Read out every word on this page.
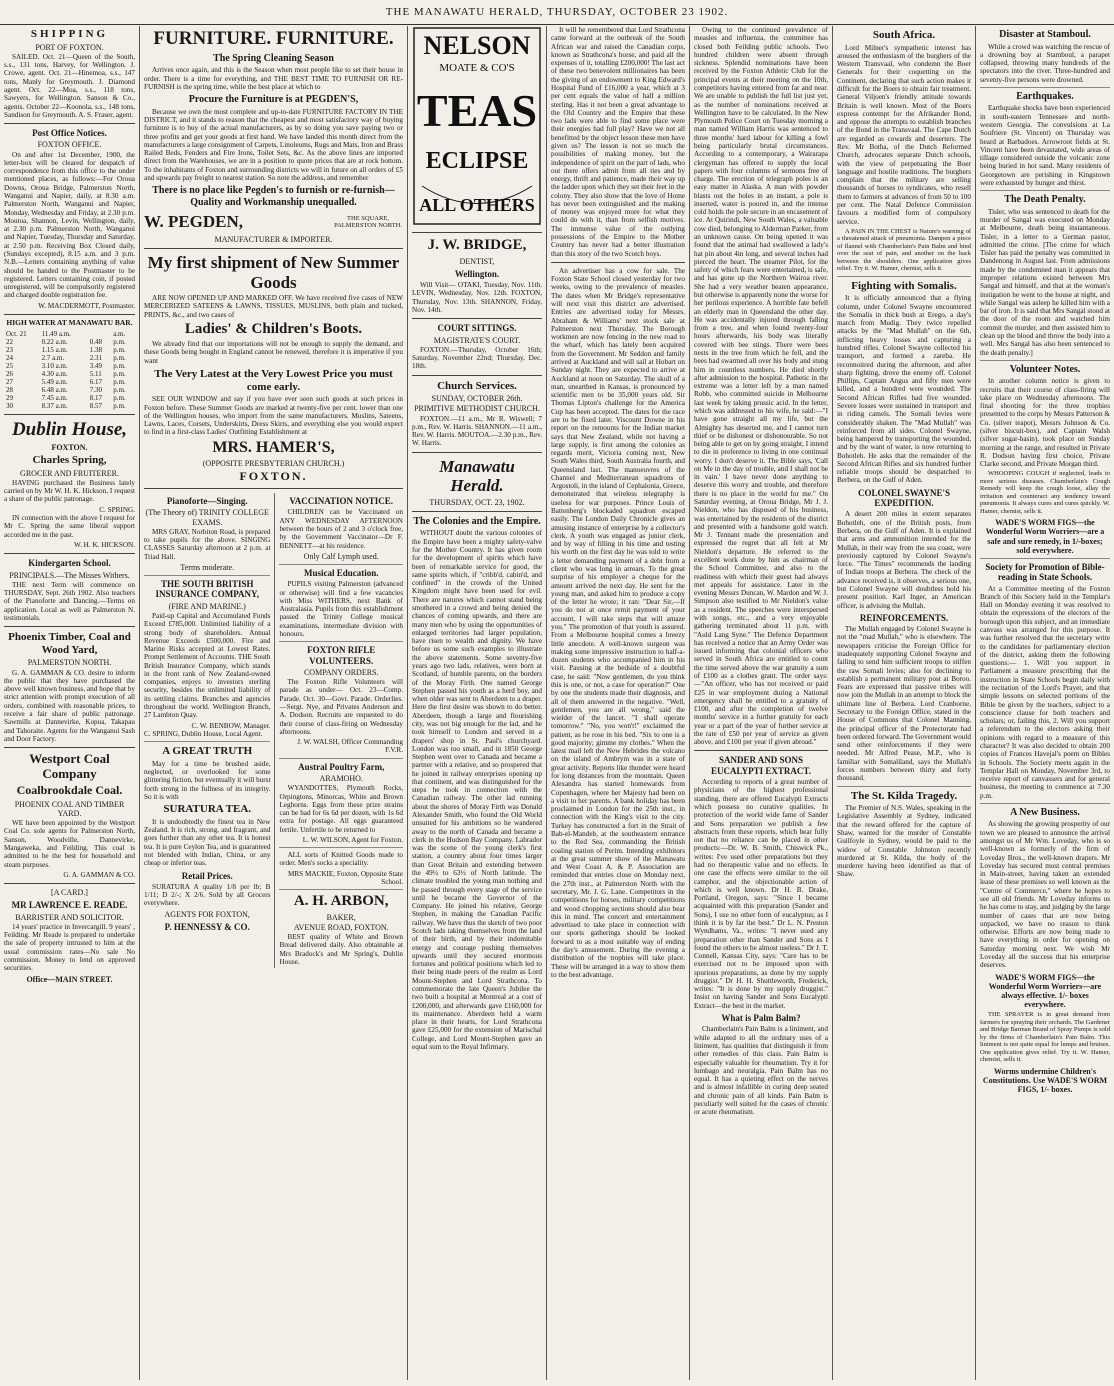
THE MANAWATU HERALD, THURSDAY, OCTOBER 23 1902.
SHIPPING
PORT OF FOXTON.
SAILED. Oct. 21—Queen of the South, s.s., 131 tons, Harvey, for Wellington. J. Crowe, agent. Oct. 21—Hinemoa, s.s., 147 tons, Manly for Greymouth. J. Diamond agent. Oct. 22—Moa, s.s., 118 tons, Sawyers, for Wellington. Sanson & Co., agents. October 22—Koonola, s.s., 148 tons, Sandison for Greymouth. A. S. Fraser, agent.
Post Office Notices.
FOXTON OFFICE.
On and after 1st December, 1900, the letter-box will be cleared for despatch of correspondence from this office to the under mentioned places, as follows:—For Oroua Downs, Oroua Bridge, Palmerston North, Wanganui and Napier, daily, at 8.30 a.m. Palmerston North, Wanganui and Napier, Monday, Wednesday and Friday, at 2.30 p.m. Moutoa, Shannon, Levin, Wellington, daily, at 2.30 p.m. Palmerston North, Wanganui and Napier, Tuesday, Thursday and Saturday, at 2.50 p.m. Receiving Box Closed daily, (Sundays excepted), 8.15 a.m. and 3 p.m. N.B.—Letters containing anything of value should be handed to the Postmaster to be registered. Letters containing coin, if posted unregistered, will be compulsorily registered and charged double registration fee.
W. MACDERMOTT, Postmaster.
HIGH WATER AT MANAWATU BAR.
Oct. 21	11.49 a.m.		a.m.
22	0.22 a.m.	0.48	p.m.
23	1.15 a.m.	1.38	p.m.
24	2.7 a.m.	2.31	p.m.
25	3.10 a.m.	3.49	p.m.
26	4.30 a.m.	5.11	p.m.
27	5.49 a.m.	6.17	p.m.
28	6.48 a.m.	7.30	p.m.
29	7.45 a.m.	8.17	p.m.
30	8.37 a.m.	8.57	p.m.
Dublin House,
FOXTON.
Charles Spring,
GROCER AND FRUITERER.
HAVING purchased the Business lately carried on by Mr W. H. K. Hickson, I request a share of the public patronage.
C. SPRING.
IN connection with the above I request for Mr C. Spring the same liberal support accorded me in the past.
W. H. K. HICKSON.
Kindergarten School.
PRINCIPALS.—The Misses Withers.
THE next Term will commence on THURSDAY, Sept. 26th 1902. Also teachers of the Pianoforte and Dancing.—Terms on application. Local as well as Palmerston N. testimonials.
Phoenix Timber, Coal and Wood Yard,
PALMERSTON NORTH.
G. A. GAMMAN & CO. desire to inform the public that they have purchased the above well known business, and hope that by strict attention with prompt execution of all orders, combined with reasonable prices, to receive a fair share of public patronage. Sawmills at Dannevirke, Kopua, Takapau and Tahoraite. Agents for the Wanganui Sash and Door Factory.
Westport Coal Company
Coalbrookdale Coal.
PHOENIX COAL AND TIMBER YARD.
WE have been appointed by the Westport Coal Co. sole agents for Palmerston North, Sanson, Woodville, Dannevirke, Mangaweka, and Feilding. This coal is admitted to be the best for household and steam purposes.
G. A. GAMMAN & CO.
[A CARD.]
MR LAWRENCE E. READE.
BARRISTER AND SOLICITOR.
14 years' practice in Invercargill. 9 years' , Feilding. Mr Reade is prepared to undertake the sale of property intrusted to him at the usual commission rates—No sale No commission. Money to lend on approved securities.
Office—MAIN STREET.
FURNITURE. FURNITURE.
The Spring Cleaning Season
Arrives once again, and this is the Season when most people like to set their house in order. There is a time for everything, and THE BEST TIME TO FURNISH OR RE-FURNISH is the spring time, while the best place at which to
Procure the Furniture is at PEGDEN'S,
Because we own the most complete and up-to-date FURNITURE FACTORY IN THE DISTRICT, and it stands to reason that the cheapest and most satisfactory way of buying furniture is to buy of the actual manufacturers, as by so doing you save paying two or three profits and get your goods at first hand. We have landed this month direct from the manufacturers a large consignment of Carpets, Linoleums, Rugs and Mats, Iron and Brass Railed Beds, Fenders and Fire Irons, Toilet Sets, &c. As the above lines are imported direct from the Warehouses, we are in a position to quote prices that are at rock bottom. To the inhabitants of Foxton and surrounding districts we will in future on all orders of £5 and upwards pay freight to nearest station. So note the address, and remember
There is no place like Pegden's to furnish or re-furnish—Quality and Workmanship unequalled.
W. PEGDEN,	THE SQUARE, PALMERSTON NORTH.
MANUFACTURER & IMPORTER.
My first shipment of New Summer Goods
ARE NOW OPENED UP AND MARKED OFF. We have received five cases of NEW MERCERIZED SATEENS & LAWNS, TISSUES, MUSLINS, both plain and tucked, PRINTS, &c., and two cases of
Ladies' & Children's Boots.
We already find that our importations will not be enough to supply the demand, and these Goods being bought in England cannot be renewed, therefore it is imperative if you want
The Very Latest at the Very Lowest Price you must come early.
SEE OUR WINDOW and say if you have ever seen such goods at such prices in Foxton before. These Summer Goods are marked at twenty-five per cent. lower than one of the Wellington houses, who import from the same manufacturers. Muslins, Sateens, Lawns, Laces, Corsets, Underskirts, Dress Skirts, and everything else you would expect to find in a first-class Ladies' Outfitting Establishment at
MRS. HAMER'S,
(OPPOSITE PRESBYTERIAN CHURCH.)
FOXTON.
Pianoforte—Singing.
(The Theory of) TRINITY COLLEGE EXAMS.
MRS GRAY, Norbiton Road, is prepared to take pupils for the above. SINGING CLASSES Saturday afternoon at 2 p.m. at Triad Hall.
Terms moderate.
THE SOUTH BRITISH INSURANCE COMPANY,
(FIRE AND MARINE.)
Paid-up Capital and Accumulated Funds Exceed £785,000. Unlimited liability of a strong body of shareholders. Annual Revenue Exceeds £500,000. Fire and Marine Risks accepted at Lowest Rates. Prompt Settlement of Accounts. THE South British Insurance Company, which stands in the front rank of New Zealand-owned companies, enjoys to investors sterling security, besides the unlimited liability of its settling claims. Branches and agencies throughout the world. Wellington Branch, 27 Lambton Quay.
C. W. BENBOW, Manager.
C. SPRING, Dublin House, Local Agent.
A GREAT TRUTH
May for a time be brushed aside, neglected, or overlooked for some glittering fiction, but eventually it will burst forth strong in the fullness of its integrity. So it is with
SURATURA TEA.
It is undoubtedly the finest tea in New Zealand. It is rich, strong, and fragrant, and goes further than any other tea. It is honest tea. It is pure Ceylon Tea, and is guaranteed not blended with Indian, China, or any cheap or inferior teas.
Retail Prices.
SURATURA A quality 1/8 per lb; B 1/11; D 2/-; X 2/6. Sold by all Grocers everywhere.
AGENTS FOR FOXTON,
P. HENNESSY & CO.
VACCINATION NOTICE.
CHILDREN can be Vaccinated on ANY WEDNESDAY AFTERNOON between the hours of 2 and 3 o'clock free, by the Government Vaccinator—Dr F. BENNETT—at his residence.
Only Calf Lymph used.
Musical Education.
PUPILS visiting Palmerston (advanced or otherwise) will find a few vacancies with Miss WITHERS, next Bank of Australasia. Pupils from this establishment passed the Trinity College musical examinations, intermediate division with honours.
FOXTON RIFLE VOLUNTEERS.
COMPANY ORDERS.
The Foxton Rifle Volunteers will parade as under— Oct. 23—Comp. Parade. Oct. 30—Govt. Parade. Orderlies.—Sergt. Nye, and Privates Anderson and A. Dodson. Recruits are requested to do their course of class-firing on Wednesday afternoons.
J. W. WALSH, Officer Commanding F.V.R.
Austral Poultry Farm,
ARAMOHO.
WYANDOTTES, Plymouth Rocks, Orpingtons, Minorcas, White and Brown Leghorns. Eggs from these prize strains can be had for 6s 6d per dozen, with 1s 6d extra for postage. All eggs guaranteed fertile. Unfertile to be returned to
L. W. WILSON, Agent for Foxton.
ALL sorts of Knitted Goods made to order. Men's socks a speciality.
MRS MACKIE, Foxton, Opposite State School.
A. H. ARBON,
BAKER,
AVENUE ROAD, FOXTON.
BEST quality of White and Brown Bread delivered daily. Also obtainable at Mrs Bradock's and Mr Spring's, Dublin House.
NELSON
MOATE & CO'S
TEAS
ECLIPSE
ALL OTHERS
J. W. BRIDGE,
DENTIST,
Wellington.
Will Visit— OTAKI, Tuesday, Nov. 11th. LEVIN, Wednesday, Nov. 12th. FOXTON, Thursday, Nov. 13th. SHANNON, Friday, Nov. 14th.
COURT SITTINGS.
MAGISTRATE'S COURT.
FOXTON.—Thursday, October 16th; Saturday, November 22nd; Thursday, Dec. 18th.
Church Services.
SUNDAY, OCTOBER 26th.
PRIMITIVE METHODIST CHURCH.
FOXTON.—11 a.m., Mr R. Wiswell; 7 p.m., Rev. W. Harris. SHANNON.—11 a.m., Rev. W. Harris. MOUTOA.—2.30 p.m., Rev. W. Harris.
Manawatu Herald.
THURSDAY, OCT. 23, 1902.
The Colonies and the Empire.
WITHOUT doubt the various colonies of the Empire have been a mighty safety-valve for the Mother Country. It has given room for the development of spirits which have been of remarkable service for good, the same spirits which, if "cribb'd, cabin'd, and confined" in the crowds of the United Kingdom might have been used for evil. There are natures which cannot stand being smothered in a crowd and being denied the chances of coming upwards, and there are many men who by using the opportunities of enlarged territories had larger population, have risen to wealth and dignity. We have before us some such examples to illustrate the above statements. Some seventy-five years ago two lads, relatives, were born at Scotland, of humble parents, on the borders of the Moray Firth. One named George Stephen passed his youth as a herd boy, and when older was sent to Aberdeen to a draper. Here the first desire was shown to do better. Aberdeen, though a large and flourishing city, was not big enough for the lad, and he took himself to London and served in a drapers' shop in St. Paul's churchyard. London was too small, and in 1850 George Stephen went over to Canada and became a partner with a relative, and so prospered that he joined in railway enterprises opening up that continent, and was distinguished for the steps he took in connection with the Canadian railway. The other lad running about the shores of Moray Firth was Donald Alexander Smith, who found the Old World unsuited for his ambitions so he wandered away to the north of Canada and became a clerk in the Hudson Bay Company. Labrador was the scene of the young clerk's first station, a country about four times larger than Great Britain and extending between the 49½ to 63½ of North latitude. The climate troubled the young man nothing and he passed through every stage of the service until he became the Governor of the Company. He joined his relative, George Stephen, in making the Canadian Pacific railway. We have thus the sketch of two poor Scotch lads taking themselves from the land of their birth, and by their indomitable energy and courage pushing themselves upwards until they secured enormous fortunes and political positions which led to their being made peers of the realm as Lord Mount-Stephen and Lord Strathcona. To commemorate the late Queen's Jubilee the two built a hospital at Montreal at a cost of £200,000, and afterwards gave £160,000 for its maintenance. Aberdeen held a warm place in their hearts, for Lord Strathcona gave £25,000 for the extension of Marischal College, and Lord Mount-Stephen gave an equal sum to the Royal Infirmary.
It will be remembered that Lord Strathcona came forward at the outbreak of the South African war and raised the Canadian corps, known as Strathcona's horse, and paid all the expenses of it, totalling £200,000! The last act of these two benevolent millionaires has been the giving of an endowment to King Edward's Hospital Fund of £16,000 a year, which at 3 per cent equals the value of half a million sterling. Has it not been a great advantage to the Old Country and the Empire that these two lads were able to find some place were their energies had full play? Have we not all benefitted by the object lesson these men have given us? The lesson is not so much the possibilities of making money, but the independence of spirit on the part of lads, who out there offers admit from all ties and by energy, thrift and patience, made their way up the ladder upon which they set their feet in the colony. They also show that the love of Home has never been extinguished and the making of money was enjoyed more for what they could do with it, than from selfish motives. The immense value of the outlying possessions of the Empire to the Mother Country has never had a better illustration than this story of the two Scotch boys.
An advertiser has a cow for sale. The Foxton State School closed yesterday for two weeks, owing to the prevalence of measles. The dates when Mr Bridge's representative will next visit this district are advertised. Entries are advertised today for Messrs. Abraham & Williams' next stock sale at Palmerston next Thursday. The Borough workmen are now fencing in the new road to the wharf, which has lately been acquired from the Government. Mr Seddon and family arrived at Auckland and will sail at Hobart on Sunday night. They are expected to arrive at Auckland at noon on Saturday. The skull of a man, unearthed in Kansas, is pronounced by scientific men to be 35,000 years old. Sir Thomas Lipton's challenge for the America Cup has been accepted. The dates for the race are to be fixed later. Viscount Downe in his report on the remounts for the Indian market says that New Zealand, while not having a large supply, is first among the colonies as regards merit, Victoria coming next, New South Wales third, South Australia fourth, and Queensland last. The manoeuvres of the Channel and Mediterranean squadrons of Argostoli, in the island of Cephalonia, Greece, demonstrated that wireless telegraphy is useless for war purposes. Prince Louis of Battenberg's blockaded squadron escaped easily. The London Daily Chronicle gives an amusing instance of enterprise by a collector's clerk. A youth was engaged as junior clerk, and by way of filling in his time and testing his worth on the first day he was told to write a letter demanding payment of a debt from a client who was long in arrears. To the great surprise of his employer a cheque for the amount arrived the next day. He sent for the young man, and asked him to produce a copy of the letter he wrote; it ran: "Dear Sir,—If you do not at once remit payment of your account, I will take steps that will amaze you." The promotion of that youth is assured. From a Melbourne hospital comes a breezy little anecdote. A well-known surgeon was making some impressive instruction to half-a-dozen students who accompanied him in his visit. Pausing at the bedside of a doubtful case, he said: "Now gentlemen, do you think this is one, or not, a case for operation?" One by one the students made their diagnosis, and all of them answered in the negative. "Well, gentlemen, you are all wrong," said the wielder of the lancet. "I shall operate tomorrow." "No, you won't!" exclaimed the patient, as he rose in his bed. "Six to one is a good majority; gimme my clothes." When the latest mail left the New Hebrides the volcano on the island of Ambrym was in a state of great activity. Reports like thunder were heard for long distances from the mountain. Queen Alexandra has started homewards from Copenhagen, where her Majesty had been on a visit to her parents. A bank holiday has been proclaimed in London for the 25th inst., in connection with the King's visit to the city. Turkey has constructed a fort in the Strait of Bab-el-Mandeb, at the southeastern entrance to the Red Sea, commanding the British coaling station of Perim. Intending exhibitors at the great summer show of the Manawatu and West Coast A. & P. Association are reminded that entries close on Monday next, the 27th inst., at Palmerston North with the secretary, Mr. J. G. Lane. Competitors in the competitions for horses, military competitions and wood chopping sections should also bear this in mind. The concert and entertainment advertised to take place in connection with our sports gatherings should be looked forward to as a most suitable way of ending the day's amusement. During the evening a distribution of the trophies will take place. These will be arranged in a way to show them to the best advantage.
Owing to the continued prevalence of measles and influenza, the committee has closed both Feilding public schools. Two hundred children were absent through sickness. Splendid nominations have been received by the Foxton Athletic Club for the principal events at their meeting on the 10th, competitors having entered from far and near. We are unable to publish the full list just yet, as the number of nominations received at Wellington have to be calculated. In the New Plymouth Police Court on Tuesday morning a man named William Harris was sentenced to three months' hard labour for killing a fowl being particularly brutal circumstances. According to a contemporary, a Wairarapa clergyman has offered to supply the local papers with four columns of sermons free of charge. The erection of telegraph poles is an easy matter in Alaska. A man with powder blasts out the holes in an instant, a pole is inserted, water is poured in, and the intense cold holds the pole secure in an encasement of ice. At Quirindi, New South Wales, a valuable cow died, belonging to Alderman Parker, from an unknown cause. On being opened it was found that the animal had swallowed a lady's hat pin about 4in long, and several inches had pierced the heart. The steamer Pilot, for the safety of which fears were entertained, is safe, and has gone up the Northern Wairoa river. She had a very weather beaten appearance, but otherwise is apparently none the worse for her perilous experience. A horrible fate befell an elderly man in Queensland the other day. He was accidentally injured through falling from a tree, and when found twenty-four hours afterwards, his body was literally covered with bee stings. There were bees nests in the tree from which he fell, and the bees had swarmed all over his body and stung him in countless numbers. He died shortly after admission to the hospital. Pathetic in the extreme was a letter left by a man named Robb, who committed suicide in Melbourne last week by taking prussic acid. In the letter, which was addressed to his wife, he said:—"I have gone straight all my life, but the Almighty has deserted me, and I cannot turn thief or be dishonest or dishonourable. So not being able to get on by going straight, I intend to die in preference to living in one continual worry. I don't deserve it. The Bible says, 'Call on Me in the day of trouble, and I shall not be in vain.' I have never done anything to deserve this worry and trouble, and therefore there is no place in the world for me." On Saturday evening, at Oroua Bridge, Mr J. J. Nieldon, who has disposed of his business, was entertained by the residents of the district and presented with a handsome gold watch. Mr J. Tennant made the presentation and expressed the regret that all felt at Mr Nieldon's departure. He referred to the excellent work done by him as chairman of the School Committee, and also to the readiness with which their guest had always met appeals for assistance. Later in the evening Messrs Duncan, W. Mardon and W. J. Simpson also testified to Mr Nieldon's value as a resident. The speeches were interspersed with songs, etc., and a very enjoyable gathering terminated about 11 p.m. with "Auld Lang Syne." The Defence Department has received a notice that an Army Order was issued informing that colonial officers who served in South Africa are entitled to count the time served above the war gratuity a sum of £100 as a clothes grant. The order says:—"An officer, who has not received or paid £25 in war employment during a National emergency shall be entitled to a gratuity of £100, and after the completion of twelve months' service in a further gratuity for each year or a part of the year of further service at the rate of £50 per year of service as given above, and £100 per year if given abroad."
SANDER AND SONS EUCALYPTI EXTRACT.
According to reports of a great number of physicians of the highest professional standing, there are offered Eucalypti Extracts which possess no curative qualities. In protection of the world wide fame of Sander and Sons preparation we publish a few abstracts from these reports, which bear fully out that no reliance can be placed in other products:—Dr. W. B. Smith, Chiswick Pk., writes: I've used other preparations but they had no therapeutic value and no effects. In one case the effects were similar to the oil camphor, and the objectionable action of which is well known. Dr H. B. Drake, Portland, Oregon, says: "Since I became acquainted with this preparation (Sander and Sons), I use no other form of eucalyptus; as I think it is by far the best." Dr L. N. Preston Wyndhams, Va., writes: "I never used any preparation other than Sander and Sons as I found the others to be almost useless." Dr J. T. Connell, Kansas City, says: "Care has to be exercised not to be imposed upon with spurious preparations, as done by my supply druggist." Dr H. H. Shuttleworth, Frederick, writes: "It is done by my supply druggist." Insist on having Sander and Sons Eucalypti Extract—the best in the market.
What is Palm Balm?
Chamberlain's Pain Balm is a liniment, and while adapted to all the ordinary uses of a liniment, has qualities that distinguish it from other remedies of this class. Pain Balm is especially valuable for rheumatism. Try it for lumbago and neuralgia. Pain Balm has no equal. It has a quieting effect on the nerves and is almost infallible in curing deep seated and chronic pain of all kinds. Pain Balm is peculiarly well suited for the cases of chronic or acute rheumatism.
South Africa.
Lord Milner's sympathetic interest has aroused the enthusiasm of the burghers of the Western Transvaal, who condemn the Boer Generals for their coquetting on the Continent, declaring that such action makes it difficult for the Boers to obtain fair treatment. General Viljoen's friendly attitude towards Britain is well known. Most of the Boers express contempt for the Afrikander Bond, and oppose the attempts to establish branches of the Bond in the Transvaal. The Cape Dutch are regarded as cowards and deserters. The Rev. Mr Botha, of the Dutch Reformed Church, advocates separate Dutch schools, with the view of perpetuating the Boer language and hostile traditions. The burghers complain that the military are selling thousands of horses to syndicates, who resell them to farmers at advances of from 50 to 100 per cent. The Natal Defence Commission favours a modified form of compulsory service.
A PAIN IN THE CHEST is Nature's warning of a threatened attack of pneumonia. Dampen a piece of flannel with Chamberlain's Pain Balm and bind over the seat of pain, and another on the back between the shoulders. One application gives relief. Try it. W. Hamer, chemist, sells it.
Fighting with Somalis.
It is officially announced that a flying column, under Colonel Swayne encountered the Somalis in thick bush at Erego, a day's march from Mudig. They twice repelled attacks by the "Mad Mullah" on the 6th, inflicting heavy losses and capturing a hundred rifles. Colonel Swayne collected his transport, and formed a zareba. He reconnoitred during the afternoon, and after sharp fighting, drove the enemy off. Colonel Phillips, Captain Angus and fifty men were killed, and a hundred were wounded. The Second African Rifles had five wounded. Severe losses were sustained in transport and in riding camels. The Somali levies were considerably shaken. The "Mad Mullah" was reinforced from all sides. Colonel Swayne, being hampered by transporting the wounded, and by the want of water, is now returning to Bohotleh. He asks that the remainder of the Second African Rifles and six hundred further reliable troops should be despatched to Berbera, on the Gulf of Aden.
COLONEL SWAYNE'S EXPEDITION.
A desert 200 miles in extent separates Bohotleh, one of the British posts, from Berbera, on the Gulf of Aden. It is explained that arms and ammunition intended for the Mullah, in their way from the sea coast, were previously captured by Colonel Swayne's force. "The Times" recommends the landing of Indian troops at Berbera. The check of the advance received is, it observes, a serious one, but Colonel Swayne will doubtless hold his present position. Karl Inger, an American officer, is advising the Mullah.
REINFORCEMENTS.
The Mullah engaged by Colonel Swayne is not the "mad Mullah," who is elsewhere. The newspapers criticise the Foreign Office for inadequately supporting Colonel Swayne and failing to send him sufficient troops to stiffen the raw Somali levies; also for declining to establish a permanent military post at Boroo. Fears are expressed that passive tribes will now join the Mullah in an attempt to block the ultimate line of Berbera. Lord Cranborne, Secretary to the Foreign Office, stated in the House of Commons that Colonel Manning, the principal officer of the Protectorate had been ordered forward. The Government would send other reinforcements if they were needed. Mr Alfred Pease, M.P., who is familiar with Somaliland, says the Mullah's forces numbers between thirty and forty thousand.
The St. Kilda Tragedy.
The Premier of N.S. Wales, speaking in the Legislative Assembly at Sydney, indicated that the reward offered for the capture of Shaw, wanted for the murder of Constable Guilfoyle in Sydney, would be paid to the widow of Constable Johnston recently murdered at St. Kilda, the body of the murderer having been identified as that of Shaw.
Disaster at Stamboul.
While a crowd was watching the rescue of a drowning boy at Stamboul, a parapet collapsed, throwing many hundreds of the spectators into the river. Three-hundred and seventy-five persons were drowned.
Earthquakes.
Earthquake shocks have been experienced in south-eastern Tennessee and north-western Georgia. The convulsions at La Soufriere (St. Vincent) on Thursday was heard at Barbadoes. Arrowroot fields at St. Vincent have been devastated, wide areas of tillage considered outside the volcanic zone being buried in hot sand. Many residents of Georgetown are perishing in Kingstown were exhausted by hunger and thirst.
The Death Penalty.
Tisler, who was sentenced to death for the murder of Sangal was executed on Monday at Melbourne, death being instantaneous. Tisler, in a letter to a German pastor, admitted the crime. [The crime for which Tisler has paid the penalty was committed in Dandenong in August last. From admissions made by the condemned man it appears that improper relations existed between Mrs Sangal and himself, and that at the woman's instigation he went to the house at night, and while Sangal was asleep he killed him with a bar of iron. It is said that Mrs Sangal stood at the door of the room and watched him commit the murder, and then assisted him to clean up the blood and throw the body into a well. Mrs Sangal has also been sentenced to the death penalty.]
Volunteer Notes.
In another column notice is given to recruits that their course of class-firing will take place on Wednesday afternoons. The final shooting for the three trophies presented to the corps by Messrs Patterson & Co. (silver teapot), Messrs Johnson & Co. (silver biscuit-box), and Captain Walsh (silver sugar-basin), took place on Sunday morning at the range, and resulted in Private R. Dodson having first choice, Private Clarke second, and Private Morgan third.
WHOOPING COUGH if neglected, leads to more serious diseases. Chamberlain's Cough Remedy will keep the cough loose, allay the irritation and counteract any tendency toward pneumonia. It always cures and cures quickly. W. Hamer, chemist, sells it.
WADE'S WORM FIGS—the Wonderful Worm Worriers—are a safe and sure remedy, in 1/-boxes; sold everywhere.
Society for Promotion of Bible-reading in State Schools.
At a Committee meeting of the Foxton Branch of this Society held in the Templar's Hall on Monday evening it was resolved to obtain the expressions of the electors of the borough upon this subject, and an immediate canvass was arranged for this purpose. It was further resolved that the secretary write to the candidates for parliamentary election of the district, asking them the following questions:— 1. Will you support in Parliament a measure prescribing that the instruction in State Schools begin daily with the recitation of the Lord's Prayer, and that simple lessons on selected portions of the Bible be given by the teachers, subject to a conscience clause for both teachers and scholars; or, failing this, 2. Will you support a referendum to the electors asking their opinions with regard to a measure of this character? It was also decided to obtain 200 copies of Frances Havejal's poem on Bibles in Schools. The Society meets again in the Templar Hall on Monday, November 3rd, to receive report of canvassers and for general business, the meeting to commence at 7.30 p.m.
A New Business.
As showing the growing prosperity of our town we are pleased to announce the arrival amongst us of Mr Wm. Loveday, who is so well-known as formerly of the firm of Loveday Bros., the well-known drapers. Mr Loveday has secured most central premises in Main-street, having taken an extended lease of these premises so well known as the "Centre of Commerce," where he hopes to see all old friends. Mr Loveday informs us he has come to stay, and judging by the large number of cases that are now being unpacked, we have no reason to think otherwise. Efforts are now being made to have everything in order for opening on Saturday morning next. We wish Mr Loveday all the success that his enterprise deserves.
WADE'S WORM FIGS—the Wonderful Worm Worriers—are always effective. 1/- boxes everywhere.
THE SPRAYER is in great demand from farmers for spraying their orchards. The Gardener and Bridge Barman Brand of Spray Pumps is sold by the firms of Chamberlain's Pain Balm. This liniment is not quite equal for lumps and bruises. One application gives relief. Try it. W. Hamer, chemist, sells it.
Worms undermine Children's Constitutions. Use WADE'S WORM FIGS, 1/- boxes.
